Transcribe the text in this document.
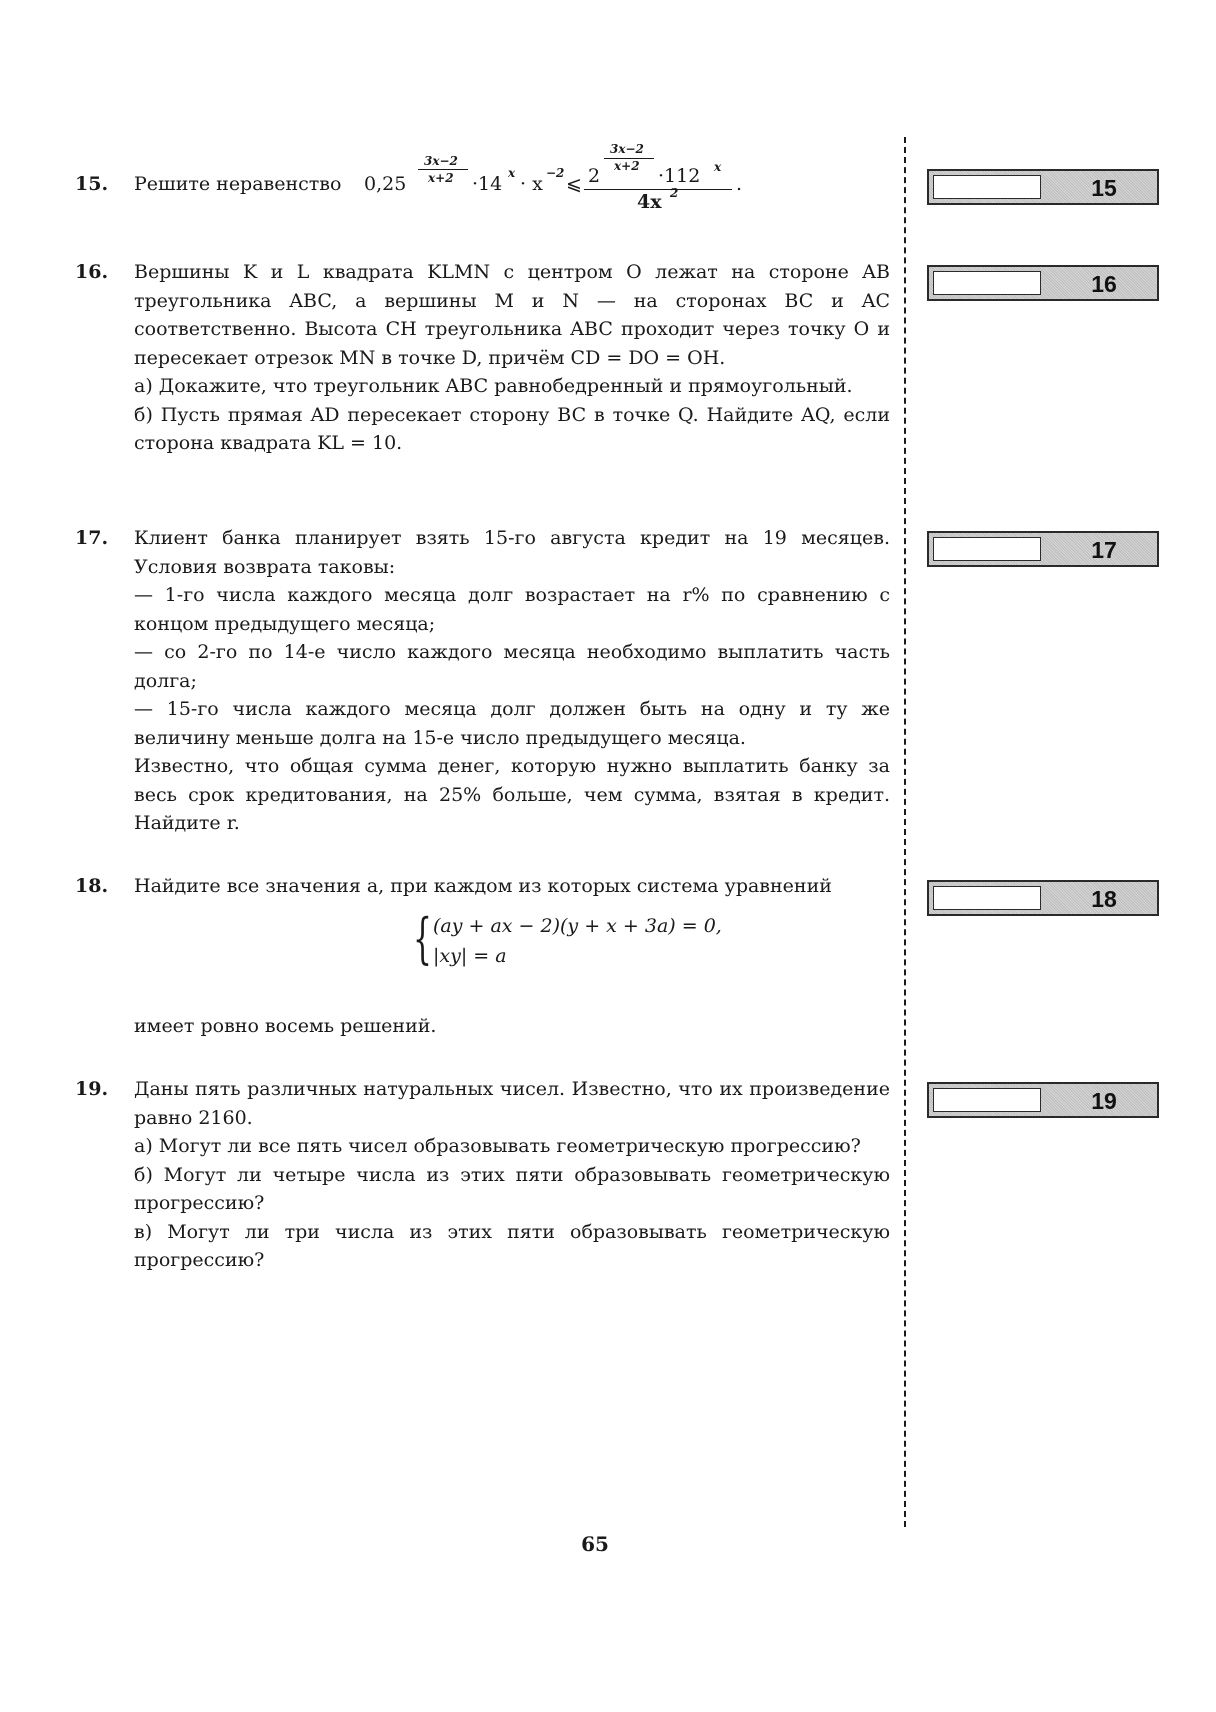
15.	Решите неравенство 0,25
3x−2
x+2 ·14 x · x −2 ⩽ 2
3x−2
x+2 ·112 x
4x 2	.
16.	Вершины K и L квадрата KLMN с центром O лежат на стороне AB треугольника ABC, а вершины M и N — на сторонах BC и AC соответственно. Высота CH треугольника ABC проходит через точку O и пересекает отрезок MN в точке D, причём CD = DO = OH.

а) Докажите, что треугольник ABC равнобедренный и прямоугольный.

б) Пусть прямая AD пересекает сторону BC в точке Q. Найдите AQ, если сторона квадрата KL = 10.

17.	Клиент банка планирует взять 15-го августа кредит на 19 месяцев. Условия возврата таковы:

— 1-го числа каждого месяца долг возрастает на r% по сравнению с концом предыдущего месяца;

— со 2-го по 14-е число каждого месяца необходимо выплатить часть долга;

— 15-го числа каждого месяца долг должен быть на одну и ту же величину меньше долга на 15-е число предыдущего месяца.

Известно, что общая сумма денег, которую нужно выплатить банку за весь срок кредитования, на 25% больше, чем сумма, взятая в кредит. Найдите r.

18.	Найдите все значения a, при каждом из которых система уравнений

{ (ay + ax − 2)(y + x + 3a) = 0,
|xy| = a

имеет ровно восемь решений.

19.	Даны пять различных натуральных чисел. Известно, что их произведение равно 2160.

а) Могут ли все пять чисел образовывать геометрическую прогрессию?

б) Могут ли четыре числа из этих пяти образовывать геометрическую прогрессию?

в) Могут ли три числа из этих пяти образовывать геометрическую прогрессию?

15
16
17
18
19
65
